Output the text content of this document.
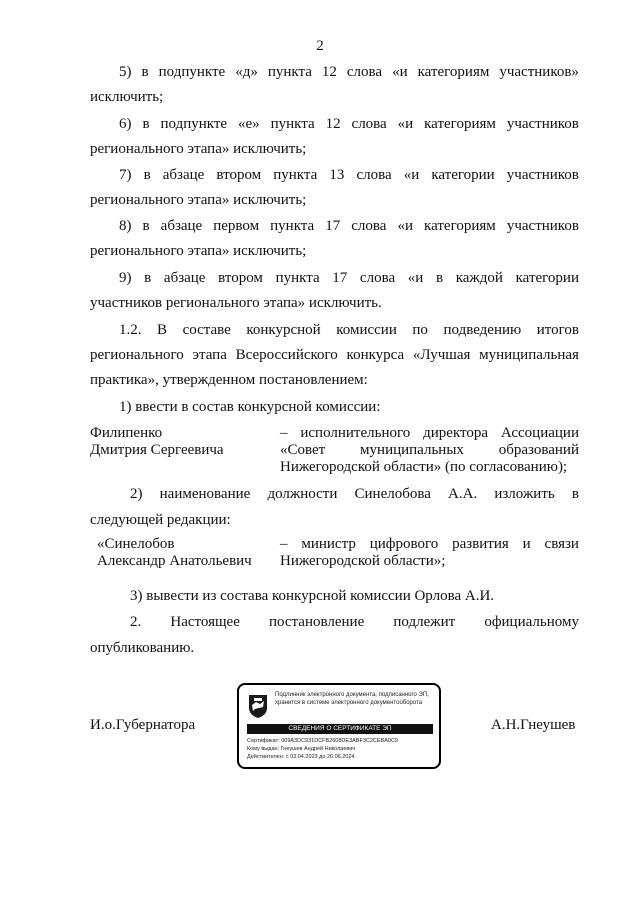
2
5) в подпункте «д» пункта 12 слова «и категориям участников»
исключить;
6) в подпункте «е» пункта 12 слова «и категориям участников
регионального этапа» исключить;
7) в абзаце втором пункта 13 слова «и категории участников
регионального этапа» исключить;
8) в абзаце первом пункта 17 слова «и категориям участников
регионального этапа» исключить;
9) в абзаце втором пункта 17 слова «и в каждой категории
участников регионального этапа» исключить.
1.2. В составе конкурсной комиссии по подведению итогов
регионального этапа Всероссийского конкурса «Лучшая муниципальная
практика», утвержденном постановлением:
1) ввести в состав конкурсной комиссии:
Филипенко
Дмитрия Сергеевича
– исполнительного директора Ассоциации
«Совет муниципальных образований
Нижегородской области» (по согласованию);
2) наименование должности Синелобова А.А. изложить в
следующей редакции:
«Синелобов
Александр Анатольевич
– министр цифрового развития и связи
Нижегородской области»;
3) вывести из состава конкурсной комиссии Орлова А.И.
2. Настоящее постановление подлежит официальному
опубликованию.
И.о.Губернатора	А.Н.Гнеушев
Подлинник электронного документа, подписанного ЭП, хранится в системе электронного документооборота
СВЕДЕНИЯ О СЕРТИФИКАТЕ ЭП
Сертификат: 009A3DC931DCFB2608DE3ABF3C2CEBA0C9
Кому выдан: Гнеушев Андрей Николаевич
Действителен: с 03.04.2023 до 26.06.2024
